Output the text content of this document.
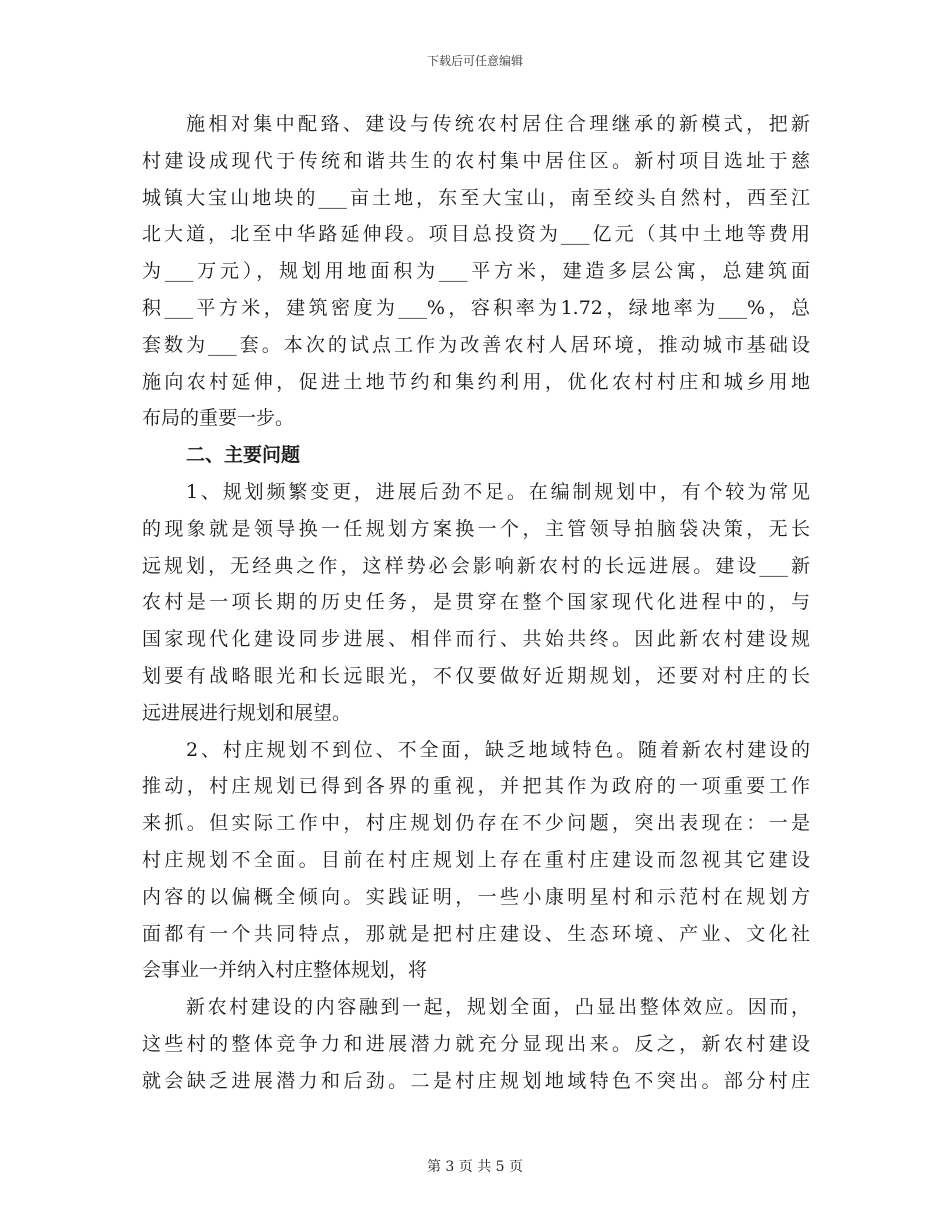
下载后可任意编辑
施相对集中配臵、建设与传统农村居住合理继承的新模式，把新
村建设成现代于传统和谐共生的农村集中居住区。新村项目选址于慈
城镇大宝山地块的___亩土地，东至大宝山，南至绞头自然村，西至江
北大道，北至中华路延伸段。项目总投资为___亿元（其中土地等费用
为___万元），规划用地面积为___平方米，建造多层公寓，总建筑面
积___平方米，建筑密度为___%，容积率为1.72，绿地率为___%，总
套数为___套。本次的试点工作为改善农村人居环境，推动城市基础设
施向农村延伸，促进土地节约和集约利用，优化农村村庄和城乡用地
布局的重要一步。
二、主要问题
1、规划频繁变更，进展后劲不足。在编制规划中，有个较为常见
的现象就是领导换一任规划方案换一个，主管领导拍脑袋决策，无长
远规划，无经典之作，这样势必会影响新农村的长远进展。建设___新
农村是一项长期的历史任务，是贯穿在整个国家现代化进程中的，与
国家现代化建设同步进展、相伴而行、共始共终。因此新农村建设规
划要有战略眼光和长远眼光，不仅要做好近期规划，还要对村庄的长
远进展进行规划和展望。
2、村庄规划不到位、不全面，缺乏地域特色。随着新农村建设的
推动，村庄规划已得到各界的重视，并把其作为政府的一项重要工作
来抓。但实际工作中，村庄规划仍存在不少问题，突出表现在：一是
村庄规划不全面。目前在村庄规划上存在重村庄建设而忽视其它建设
内容的以偏概全倾向。实践证明，一些小康明星村和示范村在规划方
面都有一个共同特点，那就是把村庄建设、生态环境、产业、文化社
会事业一并纳入村庄整体规划，将
新农村建设的内容融到一起，规划全面，凸显出整体效应。因而，
这些村的整体竞争力和进展潜力就充分显现出来。反之，新农村建设
就会缺乏进展潜力和后劲。二是村庄规划地域特色不突出。部分村庄
第 3 页 共 5 页
